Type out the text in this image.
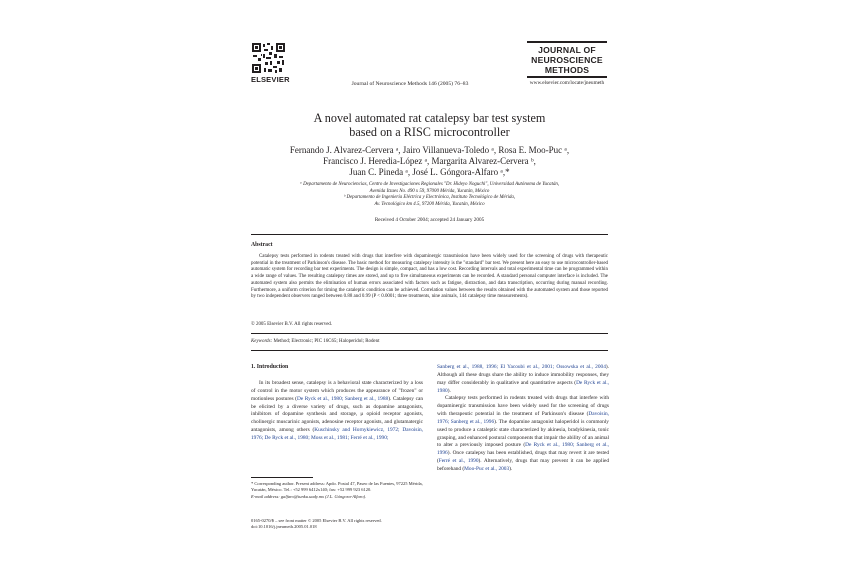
ELSEVIER	Journal of Neuroscience Methods 146 (2005) 76–83
JOURNAL OF
NEUROSCIENCE
METHODS
www.elsevier.com/locate/jneumeth
A novel automated rat catalepsy bar test system
based on a RISC microcontroller
Fernando J. Alvarez-Cervera ᵃ, Jairo Villanueva-Toledo ᵃ, Rosa E. Moo-Puc ᵃ,
Francisco J. Heredia-López ᵃ, Margarita Alvarez-Cervera ᵇ,
Juan C. Pineda ᵃ, José L. Góngora-Alfaro ᵃ,*
ᵃ Departamento de Neurociencias, Centro de Investigaciones Regionales "Dr. Hideyo Noguchi", Universidad Autónoma de Yucatán,
Avenida Itzaes No. 490 x 59, 97000 Mérida, Yucatán, México
ᵇ Departamento de Ingeniería Eléctrica y Electrónica, Instituto Tecnológico de Mérida,
Av. Tecnológico km 4.5, 97200 Mérida, Yucatán, México
Received 4 October 2004; accepted 24 January 2005
Abstract

Catalepsy tests performed in rodents treated with drugs that interfere with dopaminergic transmission have been widely used for the screening of drugs with therapeutic potential in the treatment of Parkinson's disease. The basic method for measuring catalepsy intensity is the "standard" bar test. We present here an easy to use microcontroller-based automatic system for recording bar test experiments. The design is simple, compact, and has a low cost. Recording intervals and total experimental time can be programmed within a wide range of values. The resulting catalepsy times are stored, and up to five simultaneous experiments can be recorded. A standard personal computer interface is included. The automated system also permits the elimination of human errors associated with factors such as fatigue, distraction, and data transcription, occurring during manual recording. Furthermore, a uniform criterion for timing the cataleptic condition can be achieved. Correlation values between the results obtained with the automated system and those reported by two independent observers ranged between 0.88 and 0.99 (P < 0.0001; three treatments, nine animals, 144 catalepsy time measurements).

© 2005 Elsevier B.V. All rights reserved.
Keywords: Method; Electronic; PIC 16C65; Haloperidol; Rodent
1. Introduction

In its broadest sense, catalepsy is a behavioral state characterized by a loss of control in the motor system which produces the appearance of "frozen" or motionless postures (De Ryck et al., 1980; Sanberg et al., 1988). Catalepsy can be elicited by a diverse variety of drugs, such as dopamine antagonists, inhibitors of dopamine synthesis and storage, μ opioid receptor agonists, cholinergic muscarinic agonists, adenosine receptor agonists, and glutamatergic antagonists, among others (Kuschinsky and Hornykiewicz, 1972; Davoisin, 1976; De Ryck et al., 1980; Moss et al., 1981; Ferré et al., 1990;

* Corresponding author. Present address: Apdo. Postal 47, Paseo de las Fuentes, 97225 Mérida, Yucatán, México. Tel.: +52 999 6412x140; fax: +52 999 923 6120.

E-mail address: galfaro@tunku.uady.mx (J.L. Góngora-Alfaro).

0165-0270/$ – see front matter © 2005 Elsevier B.V. All rights reserved.

doi:10.1016/j.jneumeth.2005.01.018

Sanberg et al., 1988, 1996; El Yacoubi et al., 2001; Ossowska et al., 2004). Although all these drugs share the ability to induce immobility responses, they may differ considerably in qualitative and quantitative aspects (De Ryck et al., 1980).

Catalepsy tests performed in rodents treated with drugs that interfere with dopaminergic transmission have been widely used for the screening of drugs with therapeutic potential in the treatment of Parkinson's disease (Davoisin, 1976; Sanberg et al., 1996). The dopamine antagonist haloperidol is commonly used to produce a cataleptic state characterized by akinesia, bradykinesia, tonic grasping, and enhanced postural components that impair the ability of an animal to alter a previously imposed posture (De Ryck et al., 1980; Sanberg et al., 1996). Once catalepsy has been established, drugs that may revert it are tested (Ferré et al., 1990). Alternatively, drugs that may prevent it can be applied beforehand (Moo-Puc et al., 2003).
